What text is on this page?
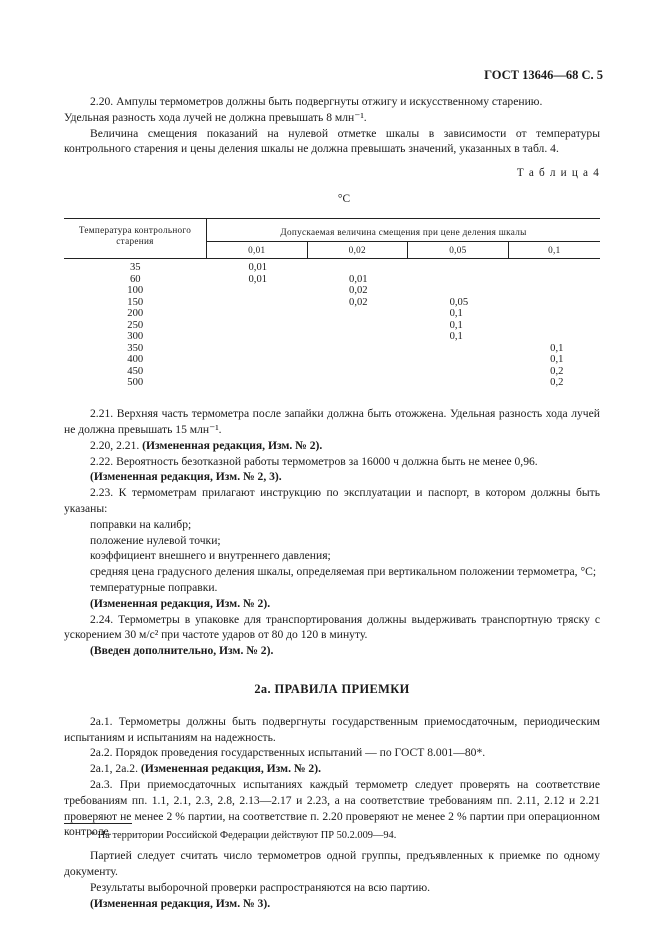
ГОСТ 13646—68 С. 5

2.20. Ампулы термометров должны быть подвергнуты отжигу и искусственному старению.

Удельная разность хода лучей не должна превышать 8 млн⁻¹.

Величина смещения показаний на нулевой отметке шкалы в зависимости от температуры контрольного старения и цены деления шкалы не должна превышать значений, указанных в табл. 4.

Т а б л и ц а 4
°C
Температура контрольного старения	Допускаемая величина смещения при цене деления шкалы			
	0,01	0,02	0,05	0,1
35	0,01			
60	0,01	0,01		
100		0,02		
150		0,02	0,05	
200			0,1	
250			0,1	
300			0,1	
350				0,1
400				0,1
450				0,2
500				0,2

2.21. Верхняя часть термометра после запайки должна быть отожжена. Удельная разность хода лучей не должна превышать 15 млн⁻¹.

2.20, 2.21. (Измененная редакция, Изм. № 2).

2.22. Вероятность безотказной работы термометров за 16000 ч должна быть не менее 0,96.

(Измененная редакция, Изм. № 2, 3).

2.23. К термометрам прилагают инструкцию по эксплуатации и паспорт, в котором должны быть указаны:

поправки на калибр;

положение нулевой точки;

коэффициент внешнего и внутреннего давления;

средняя цена градусного деления шкалы, определяемая при вертикальном положении термометра, °С;

температурные поправки.

(Измененная редакция, Изм. № 2).

2.24. Термометры в упаковке для транспортирования должны выдерживать транспортную тряску с ускорением 30 м/с² при частоте ударов от 80 до 120 в минуту.

(Введен дополнительно, Изм. № 2).

2а. ПРАВИЛА ПРИЕМКИ

2а.1. Термометры должны быть подвергнуты государственным приемосдаточным, периодическим испытаниям и испытаниям на надежность.

2а.2. Порядок проведения государственных испытаний — по ГОСТ 8.001—80*.

2а.1, 2а.2. (Измененная редакция, Изм. № 2).

2а.3. При приемосдаточных испытаниях каждый термометр следует проверять на соответствие требованиям пп. 1.1, 2.1, 2.3, 2.8, 2.13—2.17 и 2.23, а на соответствие требованиям пп. 2.11, 2.12 и 2.21 проверяют не менее 2 % партии, на соответствие п. 2.20 проверяют не менее 2 % партии при операционном контроле.

Партией следует считать число термометров одной группы, предъявленных к приемке по одному документу.

Результаты выборочной проверки распространяются на всю партию.

(Измененная редакция, Изм. № 3).

* На территории Российской Федерации действуют ПР 50.2.009—94.
